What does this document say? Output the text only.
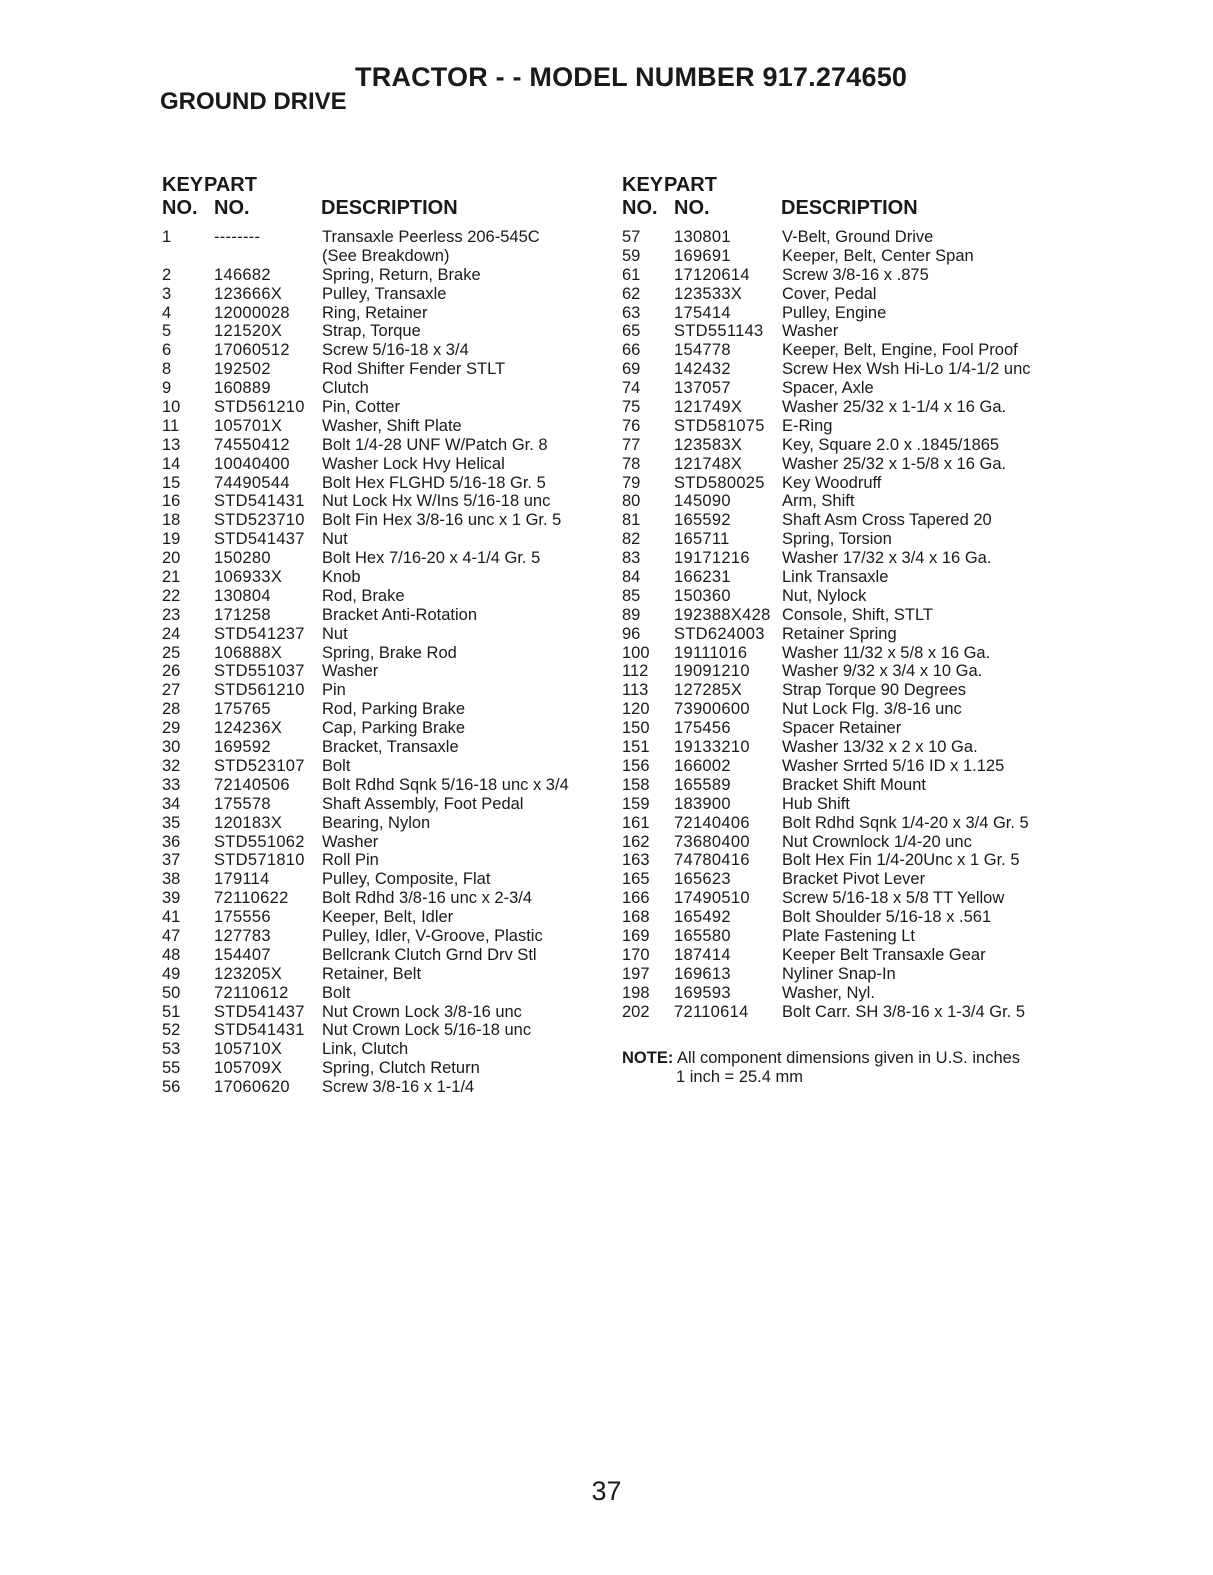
TRACTOR - - MODEL NUMBER 917.274650
GROUND DRIVE
KEY
NO.
PART
NO.	DESCRIPTION
1	--------	Transaxle Peerless 206-545C
(See Breakdown)
2	146682	Spring, Return, Brake
3	123666X Pulley, Transaxle
4	12000028 Ring, Retainer
5	121520X Strap, Torque
6	17060512 Screw 5/16-18 x 3/4
8	192502	Rod Shifter Fender STLT
9	160889	Clutch
10 STD561210 Pin, Cotter
11 105701X Washer, Shift Plate
13 74550412 Bolt 1/4-28 UNF W/Patch Gr. 8
14 10040400 Washer Lock Hvy Helical
15 74490544 Bolt Hex FLGHD 5/16-18 Gr. 5
16 STD541431 Nut Lock Hx W/Ins 5/16-18 unc
18 STD523710 Bolt Fin Hex 3/8-16 unc x 1 Gr. 5
19 STD541437 Nut
20 150280	Bolt Hex 7/16-20 x 4-1/4 Gr. 5
21 106933X Knob
22 130804	Rod, Brake
23 171258	Bracket Anti-Rotation
24 STD541237 Nut
25 106888X Spring, Brake Rod
26 STD551037 Washer
27 STD561210 Pin
28 175765	Rod, Parking Brake
29 124236X Cap, Parking Brake
30 169592	Bracket, Transaxle
32 STD523107 Bolt
33 72140506 Bolt Rdhd Sqnk 5/16-18 unc x 3/4
34 175578	Shaft Assembly, Foot Pedal
35 120183X Bearing, Nylon
36 STD551062 Washer
37 STD571810 Roll Pin
38 179114	Pulley, Composite, Flat
39 72110622 Bolt Rdhd 3/8-16 unc x 2-3/4
41 175556	Keeper, Belt, Idler
47 127783	Pulley, Idler, V-Groove, Plastic
48 154407	Bellcrank Clutch Grnd Drv Stl
49 123205X Retainer, Belt
50 72110612 Bolt
51 STD541437 Nut Crown Lock 3/8-16 unc
52 STD541431 Nut Crown Lock 5/16-18 unc
53 105710X Link, Clutch
55 105709X Spring, Clutch Return
56 17060620 Screw 3/8-16 x 1-1/4
KEY
NO.
PART
NO.	DESCRIPTION
57 130801	V-Belt, Ground Drive
59 169691	Keeper, Belt, Center Span
61 17120614 Screw 3/8-16 x .875
62 123533X Cover, Pedal
63 175414	Pulley, Engine
65 STD551143 Washer
66 154778	Keeper, Belt, Engine, Fool Proof
69 142432	Screw Hex Wsh Hi-Lo 1/4-1/2 unc
74 137057	Spacer, Axle
75 121749X Washer 25/32 x 1-1/4 x 16 Ga.
76 STD581075 E-Ring
77 123583X Key, Square 2.0 x .1845/1865
78 121748X Washer 25/32 x 1-5/8 x 16 Ga.
79 STD580025 Key Woodruff
80 145090	Arm, Shift
81 165592	Shaft Asm Cross Tapered 20
82 165711	Spring, Torsion
83 19171216 Washer 17/32 x 3/4 x 16 Ga.
84 166231	Link Transaxle
85 150360	Nut, Nylock
89 192388X428 Console, Shift, STLT
96 STD624003 Retainer Spring
100 19111016 Washer 11/32 x 5/8 x 16 Ga.
112 19091210 Washer 9/32 x 3/4 x 10 Ga.
113 127285X Strap Torque 90 Degrees
120 73900600 Nut Lock Flg. 3/8-16 unc
150 175456	Spacer Retainer
151 19133210 Washer 13/32 x 2 x 10 Ga.
156 166002	Washer Srrted 5/16 ID x 1.125
158 165589	Bracket Shift Mount
159 183900	Hub Shift
161 72140406 Bolt Rdhd Sqnk 1/4-20 x 3/4 Gr. 5
162 73680400 Nut Crownlock 1/4-20 unc
163 74780416 Bolt Hex Fin 1/4-20Unc x 1 Gr. 5
165 165623	Bracket Pivot Lever
166 17490510 Screw 5/16-18 x 5/8 TT Yellow
168 165492	Bolt Shoulder 5/16-18 x .561
169 165580	Plate Fastening Lt
170 187414	Keeper Belt Transaxle Gear
197 169613	Nyliner Snap-In
198 169593	Washer, Nyl.
202 72110614 Bolt Carr. SH 3/8-16 x 1-3/4 Gr. 5
NOTE: All component dimensions given in U.S. inches
1 inch = 25.4 mm
37
